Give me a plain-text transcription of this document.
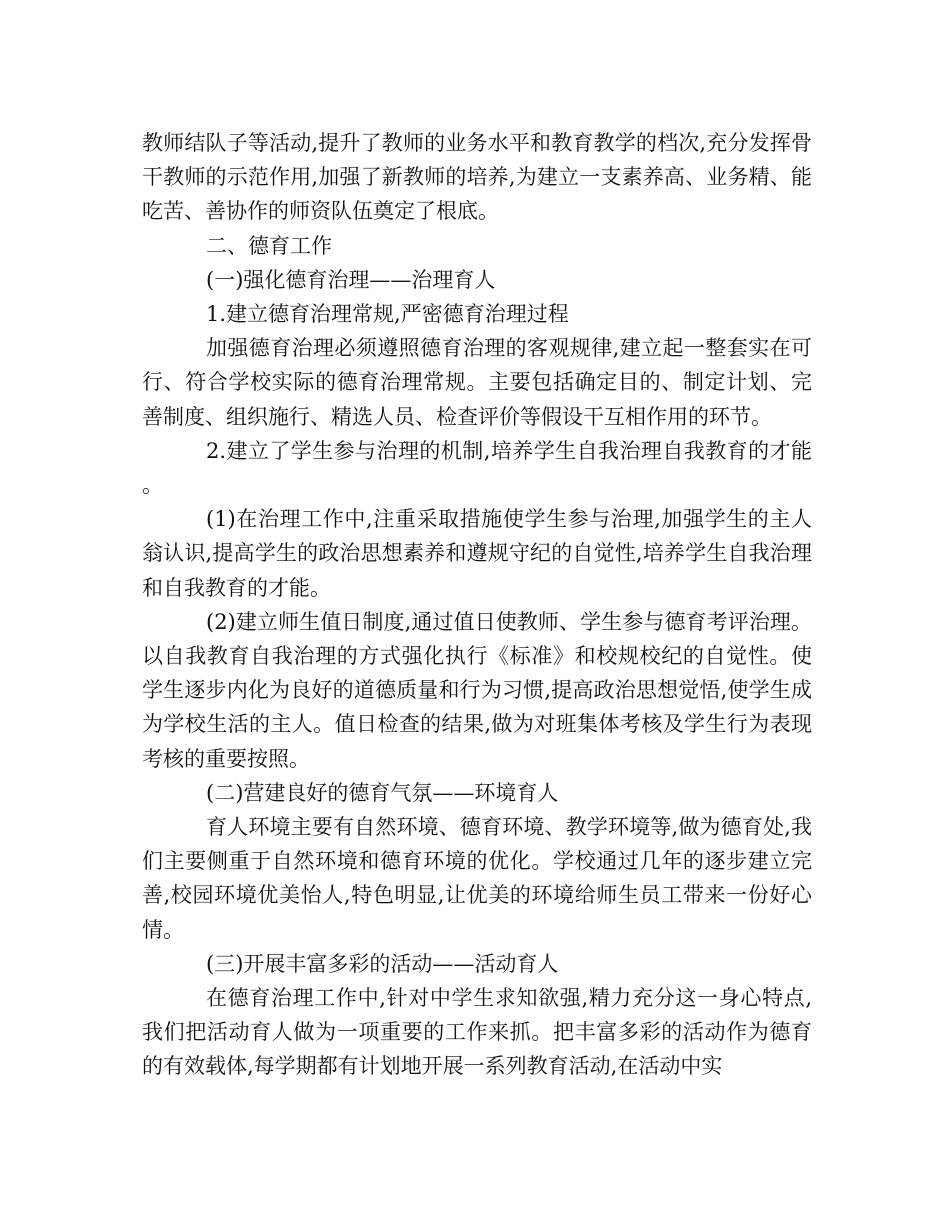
教师结队子等活动,提升了教师的业务水平和教育教学的档次,充分发挥骨干教师的示范作用,加强了新教师的培养,为建立一支素养高、业务精、能吃苦、善协作的师资队伍奠定了根底。

二、德育工作

(一)强化德育治理——治理育人

1.建立德育治理常规,严密德育治理过程

加强德育治理必须遵照德育治理的客观规律,建立起一整套实在可行、符合学校实际的德育治理常规。主要包括确定目的、制定计划、完善制度、组织施行、精选人员、检查评价等假设干互相作用的环节。

2.建立了学生参与治理的机制,培养学生自我治理自我教育的才能 。

(1)在治理工作中,注重采取措施使学生参与治理,加强学生的主人翁认识,提高学生的政治思想素养和遵规守纪的自觉性,培养学生自我治理和自我教育的才能。

(2)建立师生值日制度,通过值日使教师、学生参与德育考评治理。以自我教育自我治理的方式强化执行《标准》和校规校纪的自觉性。使学生逐步内化为良好的道德质量和行为习惯,提高政治思想觉悟,使学生成为学校生活的主人。值日检查的结果,做为对班集体考核及学生行为表现考核的重要按照。

(二)营建良好的德育气氛——环境育人

育人环境主要有自然环境、德育环境、教学环境等,做为德育处,我们主要侧重于自然环境和德育环境的优化。学校通过几年的逐步建立完善,校园环境优美怡人,特色明显,让优美的环境给师生员工带来一份好心情。

(三)开展丰富多彩的活动——活动育人

在德育治理工作中,针对中学生求知欲强,精力充分这一身心特点,我们把活动育人做为一项重要的工作来抓。把丰富多彩的活动作为德育的有效载体,每学期都有计划地开展一系列教育活动,在活动中实
